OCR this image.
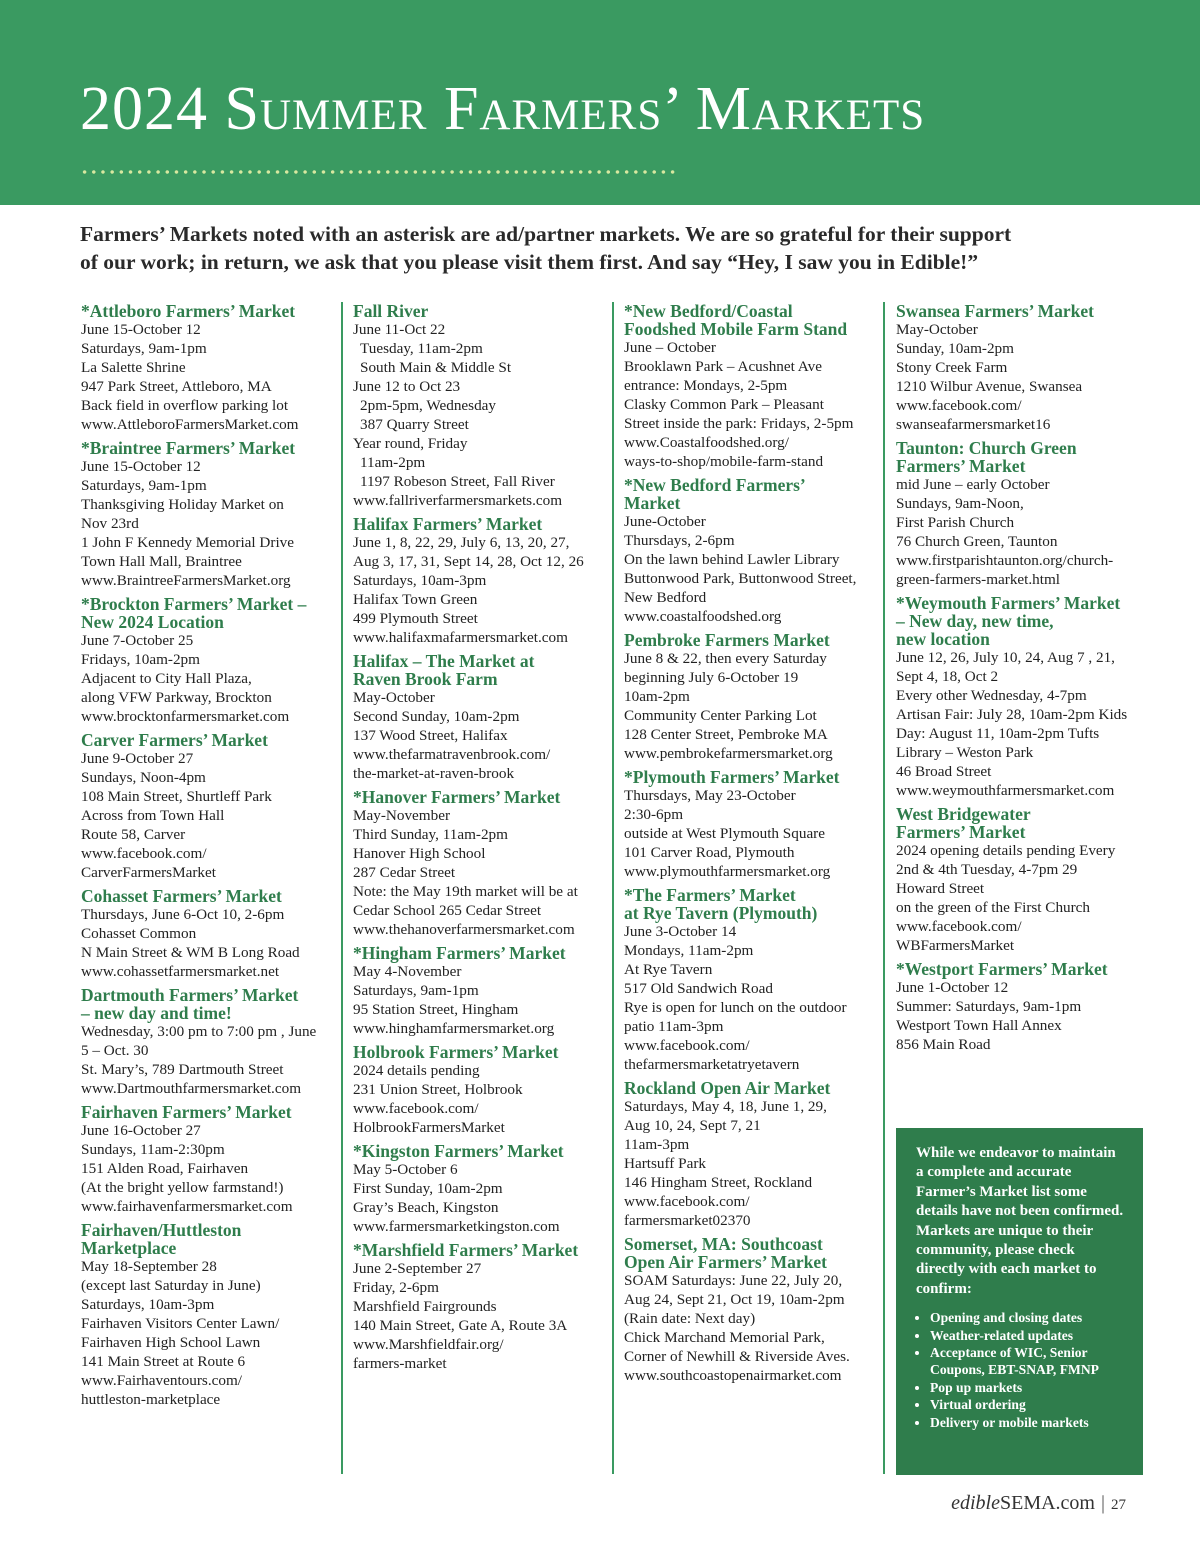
2024 Summer Farmers’ Markets

Farmers’ Markets noted with an asterisk are ad/partner markets. We are so grateful for their support

of our work; in return, we ask that you please visit them first. And say “Hey, I saw you in Edible!”

*Attleboro Farmers’ Market
June 15-October 12
Saturdays, 9am-1pm
La Salette Shrine
947 Park Street, Attleboro, MA
Back field in overflow parking lot
www.AttleboroFarmersMarket.com
*Braintree Farmers’ Market
June 15-October 12
Saturdays, 9am-1pm
Thanksgiving Holiday Market on
Nov 23rd
1 John F Kennedy Memorial Drive
Town Hall Mall, Braintree
www.BraintreeFarmersMarket.org
*Brockton Farmers’ Market –
New 2024 Location
June 7-October 25
Fridays, 10am-2pm
Adjacent to City Hall Plaza,
along VFW Parkway, Brockton
www.brocktonfarmersmarket.com
Carver Farmers’ Market
June 9-October 27
Sundays, Noon-4pm
108 Main Street, Shurtleff Park
Across from Town Hall
Route 58, Carver
www.facebook.com/
CarverFarmersMarket
Cohasset Farmers’ Market
Thursdays, June 6-Oct 10, 2-6pm
Cohasset Common
N Main Street & WM B Long Road
www.cohassetfarmersmarket.net
Dartmouth Farmers’ Market
– new day and time!
Wednesday, 3:00 pm to 7:00 pm , June
5 – Oct. 30
St. Mary’s, 789 Dartmouth Street
www.Dartmouthfarmersmarket.com
Fairhaven Farmers’ Market
June 16-October 27
Sundays, 11am-2:30pm
151 Alden Road, Fairhaven
(At the bright yellow farmstand!)
www.fairhavenfarmersmarket.com
Fairhaven/Huttleston
Marketplace
May 18-September 28
(except last Saturday in June)
Saturdays, 10am-3pm
Fairhaven Visitors Center Lawn/
Fairhaven High School Lawn
141 Main Street at Route 6
www.Fairhaventours.com/
huttleston-marketplace
Fall River
June 11-Oct 22
Tuesday, 11am-2pm
South Main & Middle St
June 12 to Oct 23
2pm-5pm, Wednesday
387 Quarry Street
Year round, Friday
11am-2pm
1197 Robeson Street, Fall River
www.fallriverfarmersmarkets.com
Halifax Farmers’ Market
June 1, 8, 22, 29, July 6, 13, 20, 27,
Aug 3, 17, 31, Sept 14, 28, Oct 12, 26
Saturdays, 10am-3pm
Halifax Town Green
499 Plymouth Street
www.halifaxmafarmersmarket.com
Halifax – The Market at
Raven Brook Farm
May-October
Second Sunday, 10am-2pm
137 Wood Street, Halifax
www.thefarmatravenbrook.com/
the-market-at-raven-brook
*Hanover Farmers’ Market
May-November
Third Sunday, 11am-2pm
Hanover High School
287 Cedar Street
Note: the May 19th market will be at
Cedar School 265 Cedar Street
www.thehanoverfarmersmarket.com
*Hingham Farmers’ Market
May 4-November
Saturdays, 9am-1pm
95 Station Street, Hingham
www.hinghamfarmersmarket.org
Holbrook Farmers’ Market
2024 details pending
231 Union Street, Holbrook
www.facebook.com/
HolbrookFarmersMarket
*Kingston Farmers’ Market
May 5-October 6
First Sunday, 10am-2pm
Gray’s Beach, Kingston
www.farmersmarketkingston.com
*Marshfield Farmers’ Market
June 2-September 27
Friday, 2-6pm
Marshfield Fairgrounds
140 Main Street, Gate A, Route 3A
www.Marshfieldfair.org/
farmers-market
*New Bedford/Coastal
Foodshed Mobile Farm Stand
June – October
Brooklawn Park – Acushnet Ave
entrance: Mondays, 2-5pm
Clasky Common Park – Pleasant
Street inside the park: Fridays, 2-5pm
www.Coastalfoodshed.org/
ways-to-shop/mobile-farm-stand
*New Bedford Farmers’
Market
June-October
Thursdays, 2-6pm
On the lawn behind Lawler Library
Buttonwood Park, Buttonwood Street,
New Bedford
www.coastalfoodshed.org
Pembroke Farmers Market
June 8 & 22, then every Saturday
beginning July 6-October 19
10am-2pm
Community Center Parking Lot
128 Center Street, Pembroke MA
www.pembrokefarmersmarket.org
*Plymouth Farmers’ Market
Thursdays, May 23-October
2:30-6pm
outside at West Plymouth Square
101 Carver Road, Plymouth
www.plymouthfarmersmarket.org
*The Farmers’ Market
at Rye Tavern (Plymouth)
June 3-October 14
Mondays, 11am-2pm
At Rye Tavern
517 Old Sandwich Road
Rye is open for lunch on the outdoor
patio 11am-3pm
www.facebook.com/
thefarmersmarketatryetavern
Rockland Open Air Market
Saturdays, May 4, 18, June 1, 29,
Aug 10, 24, Sept 7, 21
11am-3pm
Hartsuff Park
146 Hingham Street, Rockland
www.facebook.com/
farmersmarket02370
Somerset, MA: Southcoast
Open Air Farmers’ Market
SOAM Saturdays: June 22, July 20,
Aug 24, Sept 21, Oct 19, 10am-2pm
(Rain date: Next day)
Chick Marchand Memorial Park,
Corner of Newhill & Riverside Aves.
www.southcoastopenairmarket.com
Swansea Farmers’ Market
May-October
Sunday, 10am-2pm
Stony Creek Farm
1210 Wilbur Avenue, Swansea
www.facebook.com/
swanseafarmersmarket16
Taunton: Church Green
Farmers’ Market
mid June – early October
Sundays, 9am-Noon,
First Parish Church
76 Church Green, Taunton
www.firstparishtaunton.org/church-
green-farmers-market.html
*Weymouth Farmers’ Market
– New day, new time,
new location
June 12, 26, July 10, 24, Aug 7 , 21,
Sept 4, 18, Oct 2
Every other Wednesday, 4-7pm
Artisan Fair: July 28, 10am-2pm Kids
Day: August 11, 10am-2pm Tufts
Library – Weston Park
46 Broad Street
www.weymouthfarmersmarket.com
West Bridgewater
Farmers’ Market
2024 opening details pending Every
2nd & 4th Tuesday, 4-7pm 29
Howard Street
on the green of the First Church
www.facebook.com/
WBFarmersMarket
*Westport Farmers’ Market
June 1-October 12
Summer: Saturdays, 9am-1pm
Westport Town Hall Annex
856 Main Road

While we endeavor to maintain a complete and accurate Farmer’s Market list some details have not been confirmed. Markets are unique to their community, please check directly with each market to confirm:

• Opening and closing dates
• Weather-related updates
• Acceptance of WIC, Senior Coupons, EBT-SNAP, FMNP
• Pop up markets
• Virtual ordering
• Delivery or mobile markets
edibleSEMA.com | 27
